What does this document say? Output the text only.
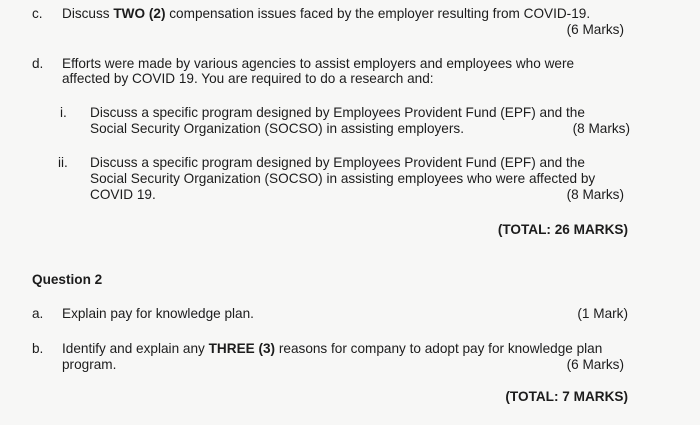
c. Discuss TWO (2) compensation issues faced by the employer resulting from COVID-19.
(6 Marks)
d. Efforts were made by various agencies to assist employers and employees who were
affected by COVID 19. You are required to do a research and:
i. Discuss a specific program designed by Employees Provident Fund (EPF) and the
Social Security Organization (SOCSO) in assisting employers.	(8 Marks)
ii. Discuss a specific program designed by Employees Provident Fund (EPF) and the
Social Security Organization (SOCSO) in assisting employees who were affected by
COVID 19.	(8 Marks)
(TOTAL: 26 MARKS)
Question 2
a. Explain pay for knowledge plan.	(1 Mark)
b. Identify and explain any THREE (3) reasons for company to adopt pay for knowledge plan
program.	(6 Marks)
(TOTAL: 7 MARKS)
